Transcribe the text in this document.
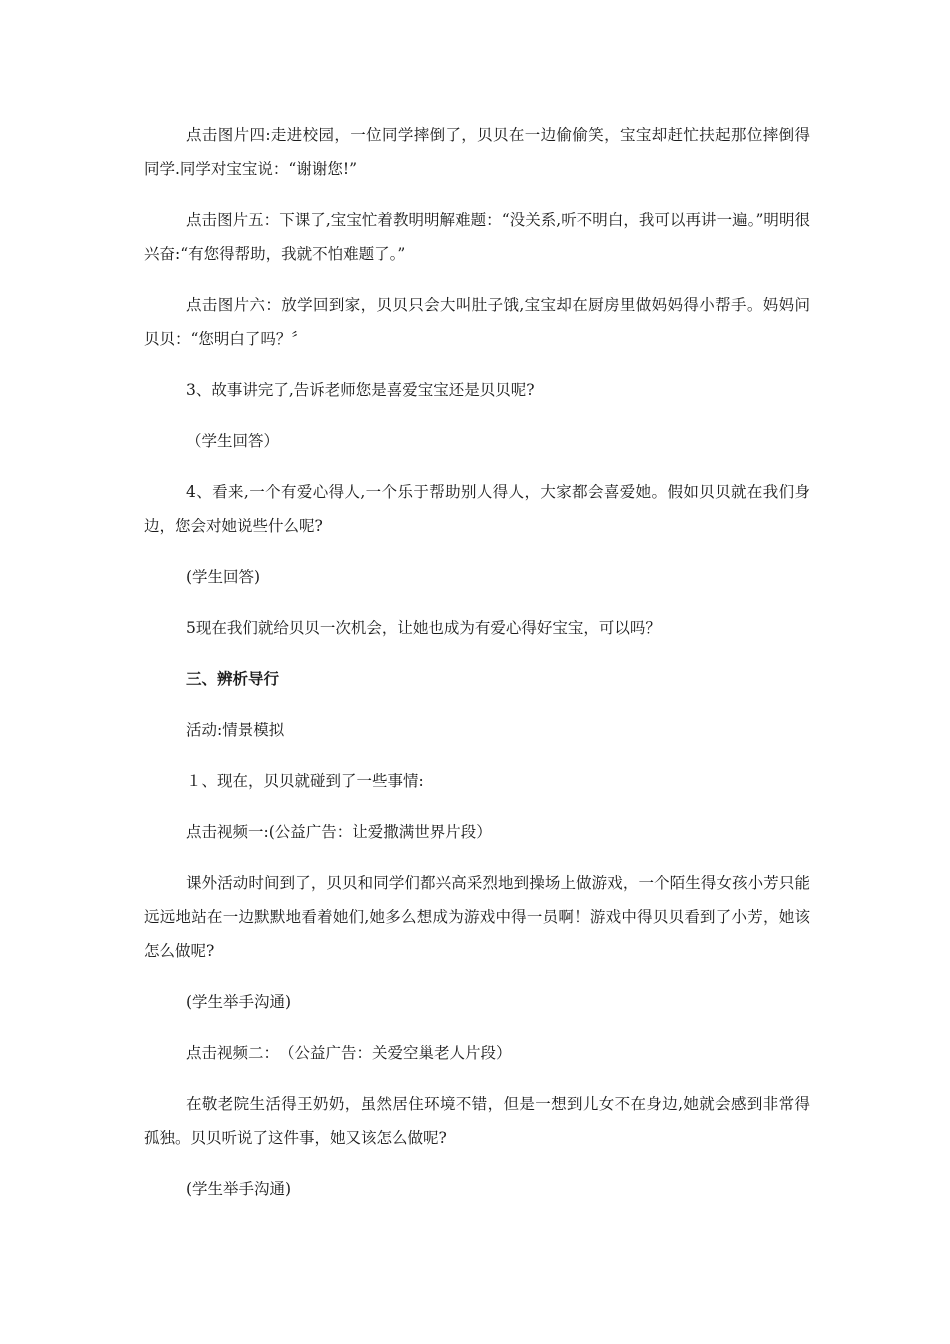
点击图片四:走进校园，一位同学摔倒了，贝贝在一边偷偷笑，宝宝却赶忙扶起那位摔倒得同学.同学对宝宝说：“谢谢您!”

点击图片五：下课了,宝宝忙着教明明解难题：“没关系,听不明白，我可以再讲一遍。”明明很兴奋:“有您得帮助，我就不怕难题了。”

点击图片六：放学回到家，贝贝只会大叫肚子饿,宝宝却在厨房里做妈妈得小帮手。妈妈问贝贝：“您明白了吗？〞

3、故事讲完了,告诉老师您是喜爱宝宝还是贝贝呢?

（学生回答）

4、看来,一个有爱心得人,一个乐于帮助别人得人，大家都会喜爱她。假如贝贝就在我们身边，您会对她说些什么呢?

(学生回答)

5现在我们就给贝贝一次机会，让她也成为有爱心得好宝宝，可以吗？

三、辨析导行

活动:情景模拟

１、现在，贝贝就碰到了一些事情:

点击视频一:(公益广告：让爱撒满世界片段）

课外活动时间到了，贝贝和同学们都兴高采烈地到操场上做游戏，一个陌生得女孩小芳只能远远地站在一边默默地看着她们,她多么想成为游戏中得一员啊！游戏中得贝贝看到了小芳，她该怎么做呢?

(学生举手沟通)

点击视频二：　（公益广告：关爱空巢老人片段）

在敬老院生活得王奶奶，虽然居住环境不错，但是一想到儿女不在身边,她就会感到非常得孤独。贝贝听说了这件事，她又该怎么做呢?

(学生举手沟通)
